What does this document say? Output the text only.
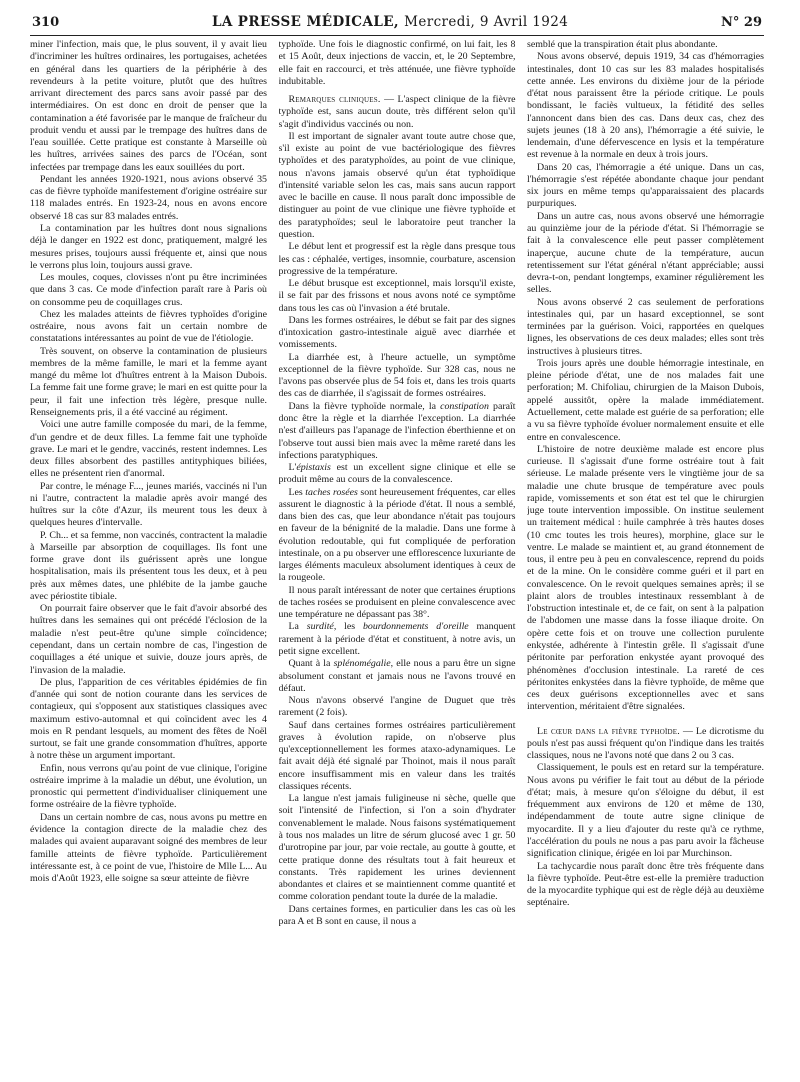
310	LA PRESSE MÉDICALE, Mercredi, 9 Avril 1924	N° 29

miner l'infection, mais que, le plus souvent, il y avait lieu d'incriminer les huîtres ordinaires, les portugaises, achetées en général dans les quartiers de la périphérie à des revendeurs à la petite voiture, plutôt que des huîtres arrivant directement des parcs sans avoir passé par des intermédiaires. On est donc en droit de penser que la contamination a été favorisée par le manque de fraîcheur du produit vendu et aussi par le trempage des huîtres dans de l'eau souillée. Cette pratique est constante à Marseille où les huîtres, arrivées saines des parcs de l'Océan, sont infectées par trempage dans les eaux souillées du port.

Pendant les années 1920-1921, nous avions observé 35 cas de fièvre typhoïde manifestement d'origine ostréaire sur 118 malades entrés. En 1923-24, nous en avons encore observé 18 cas sur 83 malades entrés.

La contamination par les huîtres dont nous signalions déjà le danger en 1922 est donc, pratiquement, malgré les mesures prises, toujours aussi fréquente et, ainsi que nous le verrons plus loin, toujours aussi grave.

Les moules, coques, clovisses n'ont pu être incriminées que dans 3 cas. Ce mode d'infection paraît rare à Paris où on consomme peu de coquillages crus.

Chez les malades atteints de fièvres typhoïdes d'origine ostréaire, nous avons fait un certain nombre de constatations intéressantes au point de vue de l'étiologie.

Très souvent, on observe la contamination de plusieurs membres de la même famille, le mari et la femme ayant mangé du même lot d'huîtres entrent à la Maison Dubois. La femme fait une forme grave; le mari en est quitte pour la peur, il fait une infection très légère, presque nulle. Renseignements pris, il a été vacciné au régiment.

Voici une autre famille composée du mari, de la femme, d'un gendre et de deux filles. La femme fait une typhoïde grave. Le mari et le gendre, vaccinés, restent indemnes. Les deux filles absorbent des pastilles antityphiques biliées, elles ne présentent rien d'anormal.

Par contre, le ménage F..., jeunes mariés, vaccinés ni l'un ni l'autre, contractent la maladie après avoir mangé des huîtres sur la côte d'Azur, ils meurent tous les deux à quelques heures d'intervalle.

P. Ch... et sa femme, non vaccinés, contractent la maladie à Marseille par absorption de coquillages. Ils font une forme grave dont ils guérissent après une longue hospitalisation, mais ils présentent tous les deux, et à peu près aux mêmes dates, une phlébite de la jambe gauche avec périostite tibiale.

On pourrait faire observer que le fait d'avoir absorbé des huîtres dans les semaines qui ont précédé l'éclosion de la maladie n'est peut-être qu'une simple coïncidence; cependant, dans un certain nombre de cas, l'ingestion de coquillages a été unique et suivie, douze jours après, de l'invasion de la maladie.

De plus, l'apparition de ces véritables épidémies de fin d'année qui sont de notion courante dans les services de contagieux, qui s'opposent aux statistiques classiques avec maximum estivo-automnal et qui coïncident avec les 4 mois en R pendant lesquels, au moment des fêtes de Noël surtout, se fait une grande consommation d'huîtres, apporte à notre thèse un argument important.

Enfin, nous verrons qu'au point de vue clinique, l'origine ostréaire imprime à la maladie un début, une évolution, un pronostic qui permettent d'individualiser cliniquement une forme ostréaire de la fièvre typhoïde.

Dans un certain nombre de cas, nous avons pu mettre en évidence la contagion directe de la maladie chez des malades qui avaient auparavant soigné des membres de leur famille atteints de fièvre typhoïde. Particulièrement intéressante est, à ce point de vue, l'histoire de Mlle L... Au mois d'Août 1923, elle soigne sa sœur atteinte de fièvre

typhoïde. Une fois le diagnostic confirmé, on lui fait, les 8 et 15 Août, deux injections de vaccin, et, le 20 Septembre, elle fait en raccourci, et très atténuée, une fièvre typhoïde indubitable.

Remarques cliniques. — L'aspect clinique de la fièvre typhoïde est, sans aucun doute, très différent selon qu'il s'agit d'individus vaccinés ou non.

Il est important de signaler avant toute autre chose que, s'il existe au point de vue bactériologique des fièvres typhoïdes et des paratyphoïdes, au point de vue clinique, nous n'avons jamais observé qu'un état typhoïdique d'intensité variable selon les cas, mais sans aucun rapport avec le bacille en cause. Il nous paraît donc impossible de distinguer au point de vue clinique une fièvre typhoïde et des paratyphoïdes; seul le laboratoire peut trancher la question.

Le début lent et progressif est la règle dans presque tous les cas : céphalée, vertiges, insomnie, courbature, ascension progressive de la température.

Le début brusque est exceptionnel, mais lorsqu'il existe, il se fait par des frissons et nous avons noté ce symptôme dans tous les cas où l'invasion a été brutale.

Dans les formes ostréaires, le début se fait par des signes d'intoxication gastro-intestinale aiguë avec diarrhée et vomissements.

La diarrhée est, à l'heure actuelle, un symptôme exceptionnel de la fièvre typhoïde. Sur 328 cas, nous ne l'avons pas observée plus de 54 fois et, dans les trois quarts des cas de diarrhée, il s'agissait de formes ostréaires.

Dans la fièvre typhoïde normale, la constipation paraît donc être la règle et la diarrhée l'exception. La diarrhée n'est d'ailleurs pas l'apanage de l'infection éberthienne et on l'observe tout aussi bien mais avec la même rareté dans les infections paratyphiques.

L'épistaxis est un excellent signe clinique et elle se produit même au cours de la convalescence.

Les taches rosées sont heureusement fréquentes, car elles assurent le diagnostic à la période d'état. Il nous a semblé, dans bien des cas, que leur abondance n'était pas toujours en faveur de la bénignité de la maladie. Dans une forme à évolution redoutable, qui fut compliquée de perforation intestinale, on a pu observer une efflorescence luxuriante de larges éléments maculeux absolument identiques à ceux de la rougeole.

Il nous paraît intéressant de noter que certaines éruptions de taches rosées se produisent en pleine convalescence avec une température ne dépassant pas 38°.

La surdité, les bourdonnements d'oreille manquent rarement à la période d'état et constituent, à notre avis, un petit signe excellent.

Quant à la splénomégalie, elle nous a paru être un signe absolument constant et jamais nous ne l'avons trouvé en défaut.

Nous n'avons observé l'angine de Duguet que très rarement (2 fois).

Sauf dans certaines formes ostréaires particulièrement graves à évolution rapide, on n'observe plus qu'exceptionnellement les formes ataxo-adynamiques. Le fait avait déjà été signalé par Thoinot, mais il nous paraît encore insuffisamment mis en valeur dans les traités classiques récents.

La langue n'est jamais fuligineuse ni sèche, quelle que soit l'intensité de l'infection, si l'on a soin d'hydrater convenablement le malade. Nous faisons systématiquement à tous nos malades un litre de sérum glucosé avec 1 gr. 50 d'urotropine par jour, par voie rectale, au goutte à goutte, et cette pratique donne des résultats tout à fait heureux et constants. Très rapidement les urines deviennent abondantes et claires et se maintiennent comme quantité et comme coloration pendant toute la durée de la maladie.

Dans certaines formes, en particulier dans les cas où les para A et B sont en cause, il nous a

semblé que la transpiration était plus abondante.

Nous avons observé, depuis 1919, 34 cas d'hémorragies intestinales, dont 10 cas sur les 83 malades hospitalisés cette année. Les environs du dixième jour de la période d'état nous paraissent être la période critique. Le pouls bondissant, le faciès vultueux, la fétidité des selles l'annoncent dans bien des cas. Dans deux cas, chez des sujets jeunes (18 à 20 ans), l'hémorragie a été suivie, le lendemain, d'une défervescence en lysis et la température est revenue à la normale en deux à trois jours.

Dans 20 cas, l'hémorragie a été unique. Dans un cas, l'hémorragie s'est répétée abondante chaque jour pendant six jours en même temps qu'apparaissaient des placards purpuriques.

Dans un autre cas, nous avons observé une hémorragie au quinzième jour de la période d'état. Si l'hémorragie se fait à la convalescence elle peut passer complètement inaperçue, aucune chute de la température, aucun retentissement sur l'état général n'étant appréciable; aussi devra-t-on, pendant longtemps, examiner régulièrement les selles.

Nous avons observé 2 cas seulement de perforations intestinales qui, par un hasard exceptionnel, se sont terminées par la guérison. Voici, rapportées en quelques lignes, les observations de ces deux malades; elles sont très instructives à plusieurs titres.

Trois jours après une double hémorragie intestinale, en pleine période d'état, une de nos malades fait une perforation; M. Chifoliau, chirurgien de la Maison Dubois, appelé aussitôt, opère la malade immédiatement. Actuellement, cette malade est guérie de sa perforation; elle a vu sa fièvre typhoïde évoluer normalement ensuite et elle entre en convalescence.

L'histoire de notre deuxième malade est encore plus curieuse. Il s'agissait d'une forme ostréaire tout à fait sérieuse. Le malade présente vers le vingtième jour de sa maladie une chute brusque de température avec pouls rapide, vomissements et son état est tel que le chirurgien juge toute intervention impossible. On institue seulement un traitement médical : huile camphrée à très hautes doses (10 cmc toutes les trois heures), morphine, glace sur le ventre. Le malade se maintient et, au grand étonnement de tous, il entre peu à peu en convalescence, reprend du poids et de la mine. On le considère comme guéri et il part en convalescence. On le revoit quelques semaines après; il se plaint alors de troubles intestinaux ressemblant à de l'obstruction intestinale et, de ce fait, on sent à la palpation de l'abdomen une masse dans la fosse iliaque droite. On opère cette fois et on trouve une collection purulente enkystée, adhérente à l'intestin grêle. Il s'agissait d'une péritonite par perforation enkystée ayant provoqué des phénomènes d'occlusion intestinale. La rareté de ces péritonites enkystées dans la fièvre typhoïde, de même que ces deux guérisons exceptionnelles avec et sans intervention, méritaient d'être signalées.

Le cœur dans la fièvre typhoïde. — Le dicrotisme du pouls n'est pas aussi fréquent qu'on l'indique dans les traités classiques, nous ne l'avons noté que dans 2 ou 3 cas.

Classiquement, le pouls est en retard sur la température. Nous avons pu vérifier le fait tout au début de la période d'état; mais, à mesure qu'on s'éloigne du début, il est fréquemment aux environs de 120 et même de 130, indépendamment de toute autre signe clinique de myocardite. Il y a lieu d'ajouter du reste qu'à ce rythme, l'accélération du pouls ne nous a pas paru avoir la fâcheuse signification clinique, érigée en loi par Murchinson.

La tachycardie nous paraît donc être très fréquente dans la fièvre typhoïde. Peut-être est-elle la première traduction de la myocardite typhique qui est de règle déjà au deuxième septénaire.
